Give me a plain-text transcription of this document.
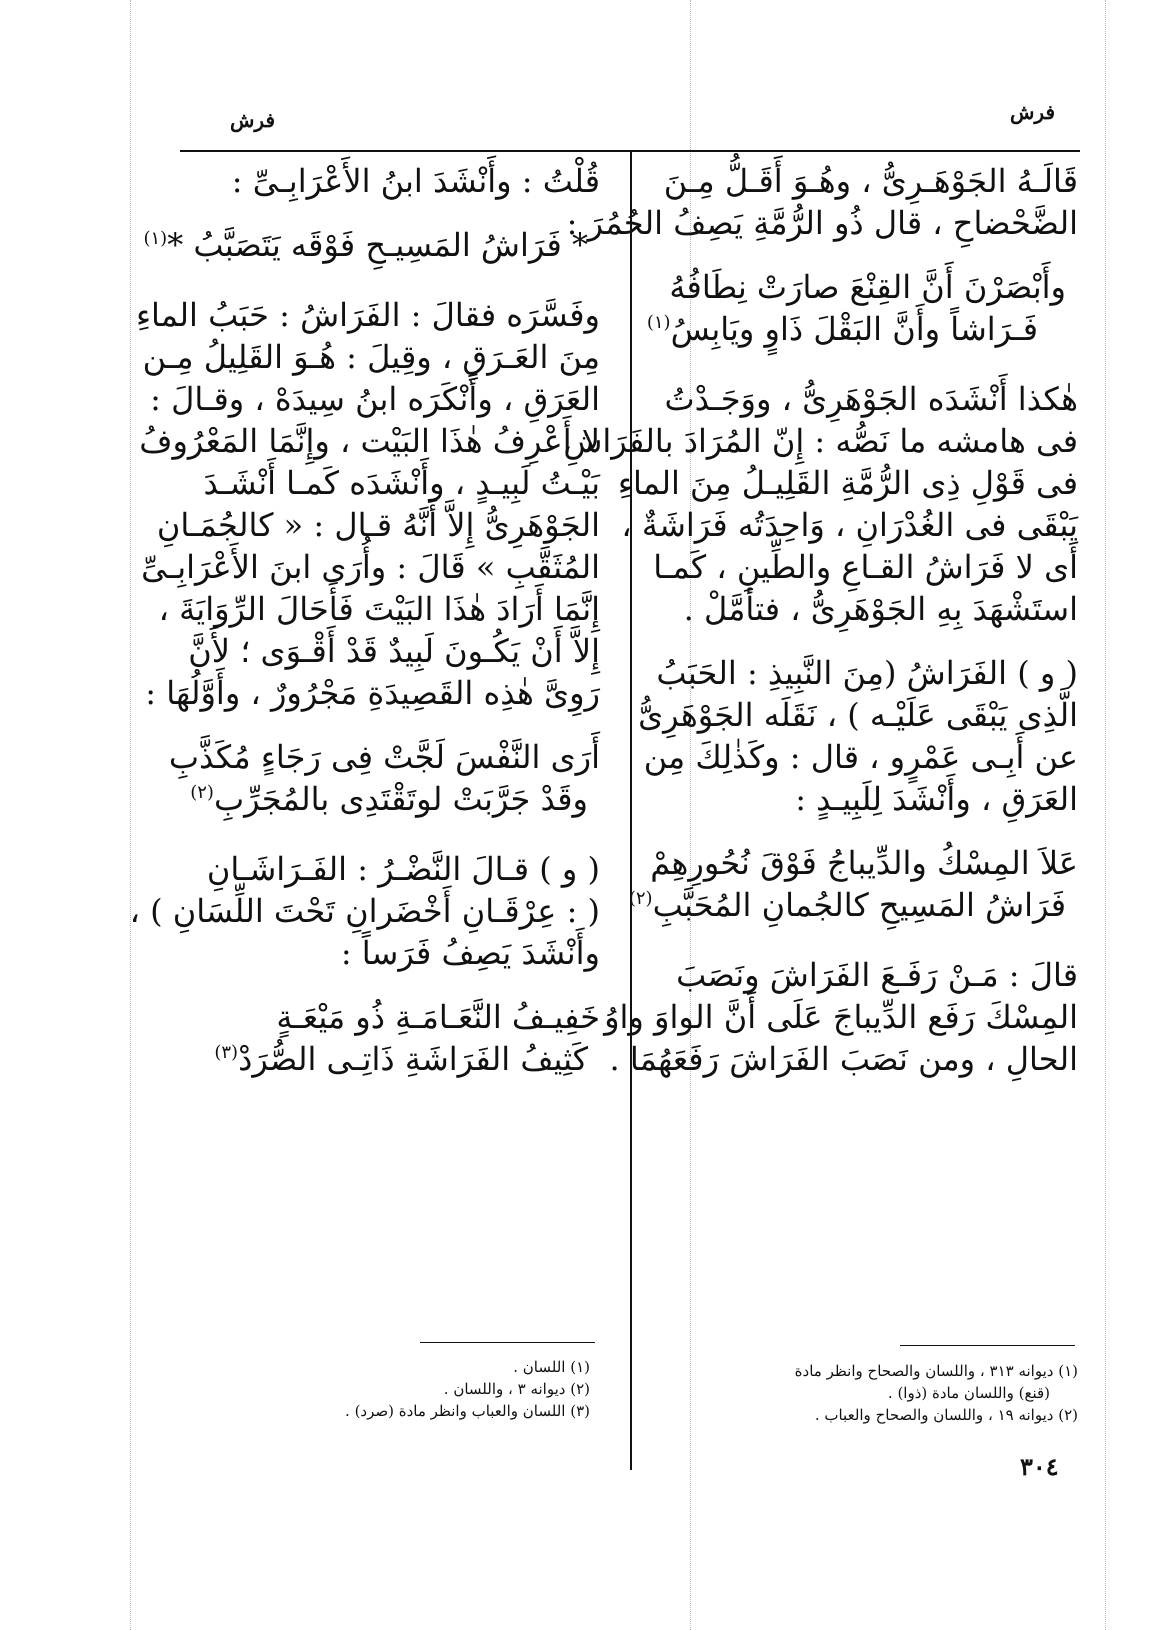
فرش	فرش
قَالَـهُ الجَوْهَـرِىُّ ، وهُـوَ أَقَـلُّ مِـنَ
الضَّحْضاحِ ، قال ذُو الرُّمَّةِ يَصِفُ الحُمُرَ :
وأَبْصَرْنَ أَنَّ القِنْعَ صارَتْ نِطَافُهُ
فَـرَاشاً وأَنَّ البَقْلَ ذَاوٍ ويَابِسُ$^{(١)}$
هٰكذا أَنْشَدَه الجَوْهَرِىُّ ، ووَجَـدْتُ
فى هامشه ما نَصُّه : إِنّ المُرَادَ بالفَرَاشِ
فى قَوْلِ ذِى الرُّمَّةِ القَلِيـلُ مِنَ الماءِ
يَبْقَى فى الغُدْرَانِ ، وَاحِدَتُه فَرَاشَةٌ ،
أَى لا فَرَاشُ القـاعِ والطِّينِ ، كَمـا
استَشْهَدَ بِهِ الجَوْهَرِىُّ ، فتأَمَّلْ .
( و ) الفَرَاشُ (مِنَ النَّبِيذِ : الحَبَبُ
الَّذِى يَبْقَى عَلَيْـه ) ، نَقَلَه الجَوْهَرِىُّ
عن أَبِـى عَمْرٍو ، قال : وكَذٰلِكَ مِن
العَرَقِ ، وأَنْشَدَ لِلَبِيـدٍ :
عَلاَ المِسْكُ والدِّيباجُ فَوْقَ نُحُورِهِمْ
فَرَاشُ المَسِيحِ كالجُمانِ المُحَبَّبِ$^{(٢)}$
قالَ : مَـنْ رَفَـعَ الفَرَاشَ ونَصَبَ
المِسْكَ رَفَع الدِّيباجَ عَلَى أَنَّ الواوَ واوُ
الحالِ ، ومن نَصَبَ الفَرَاشَ رَفَعَهُمَا .
(١) ديوانه ٣١٣ ، واللسان والصحاح وانظر مادة
(قنع) واللسان مادة (ذوا) .
(٢) ديوانه ١٩ ، واللسان والصحاح والعباب .
قُلْتُ : وأَنْشَدَ ابنُ الأَعْرَابِـىِّ :
* فَرَاشُ المَسِيـحِ فَوْقَه يَتَصَبَّبُ *$^{(١)}$
وفَسَّرَه فقالَ : الفَرَاشُ : حَبَبُ الماءِ
مِنَ العَـرَقِ ، وقِيلَ : هُـوَ القَلِيلُ مِـن
العَرَقِ ، وأَنْكَرَه ابنُ سِيدَهْ ، وقـالَ :
لا أَعْرِفُ هٰذَا البَيْت ، وإِنَّمَا المَعْرُوفُ
بَيْـتُ لَبِيـدٍ ، وأَنْشَدَه كَمـا أَنْشَـدَ
الجَوْهَرِىُّ إِلاَّ أَنَّهُ قـال : « كالجُمَـانِ
المُثَقَّبِ » قَالَ : وأُرَى ابنَ الأَعْرَابِـىِّ
إِنَّمَا أَرَادَ هٰذَا البَيْتَ فَأَحَالَ الرِّوَايَةَ ،
إِلاَّ أَنْ يَكُـونَ لَبِيدٌ قَدْ أَقْـوَى ؛ لأَنَّ
رَوِىَّ هٰذِه القَصِيدَةِ مَجْرُورٌ ، وأَوَّلُهَا :
أَرَى النَّفْسَ لَجَّتْ فِى رَجَاءٍ مُكَذَّبِ
وقَدْ جَرَّبَتْ لوتَقْتَدِى بالمُجَرِّبِ$^{(٢)}$
( و ) قـالَ النَّضْـرُ : الفَـرَاشَـانِ
( : عِرْقَـانِ أَخْضَرانِ تَحْتَ اللِّسَانِ ) ،
وأَنْشَدَ يَصِفُ فَرَساً :
خَفِيـفُ النَّعَـامَـةِ ذُو مَيْعَـةٍ
كَثِيفُ الفَرَاشَةِ ذَاتِـى الصُّرَدْ$^{(٣)}$
(١) اللسان .
(٢) ديوانه ٣ ، واللسان .
(٣) اللسان والعباب وانظر مادة (صرد) .
٣٠٤
